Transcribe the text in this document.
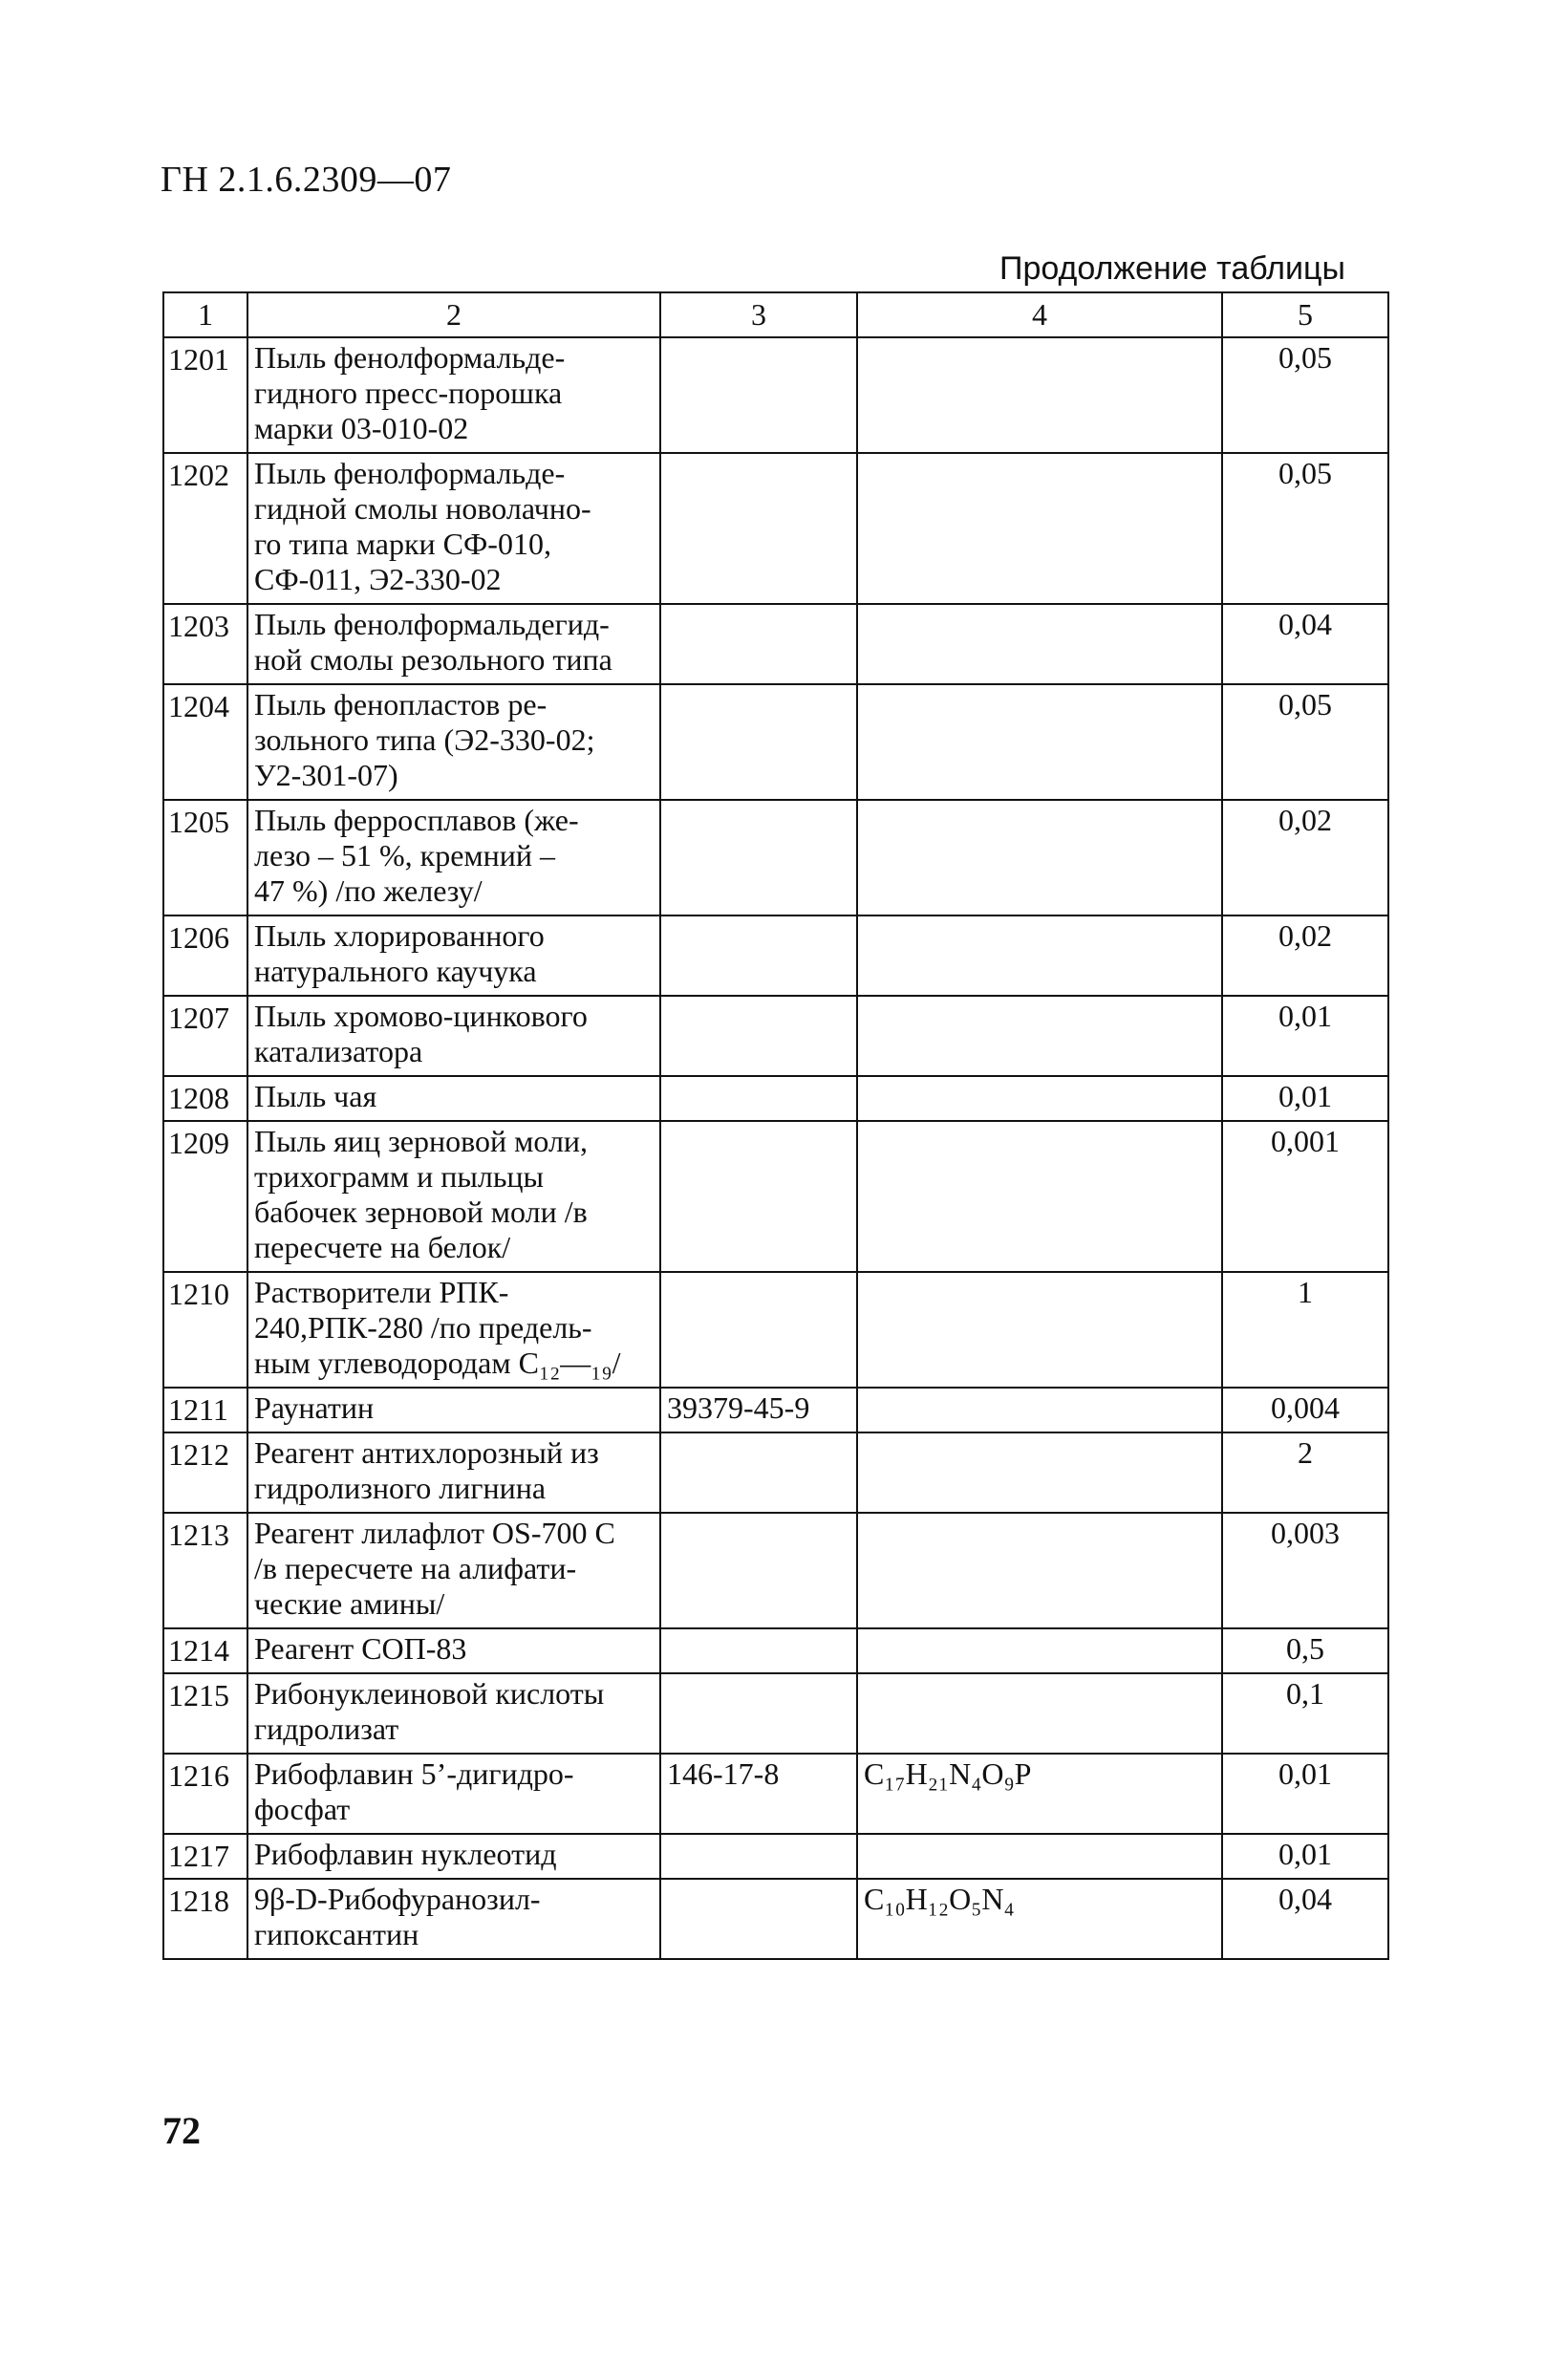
ГН 2.1.6.2309—07
Продолжение таблицы
1	2	3	4	5
1201	Пыль фенолформальде-
гидного пресс-порошка
марки 03-010-02			0,05
1202	Пыль фенолформальде-
гидной смолы новолачно-
го типа марки СФ-010,
СФ-011, Э2-330-02			0,05
1203	Пыль фенолформальдегид-
ной смолы резольного типа			0,04
1204	Пыль фенопластов ре-
зольного типа (Э2-330-02;
У2-301-07)			0,05
1205	Пыль ферросплавов (же-
лезо – 51 %, кремний –
47 %) /по железу/			0,02
1206	Пыль хлорированного
натурального каучука			0,02
1207	Пыль хромово-цинкового
катализатора			0,01
1208	Пыль чая			0,01
1209	Пыль яиц зерновой моли,
трихограмм и пыльцы
бабочек зерновой моли /в
пересчете на белок/			0,001
1210	Растворители РПК-
240,РПК-280 /по предель-
ным углеводородам С₁₂—₁₉/			1
1211	Раунатин	39379-45-9		0,004
1212	Реагент антихлорозный из
гидролизного лигнина			2
1213	Реагент лилафлот OS-700 С
/в пересчете на алифати-
ческие амины/			0,003
1214	Реагент СОП-83			0,5
1215	Рибонуклеиновой кислоты
гидролизат			0,1
1216	Рибофлавин 5’-дигидро-
фосфат	146-17-8	C₁₇H₂₁N₄O₉P	0,01
1217	Рибофлавин нуклеотид			0,01
1218	9β-D-Рибофуранозил-
гипоксантин		C₁₀H₁₂O₅N₄	0,04
72
